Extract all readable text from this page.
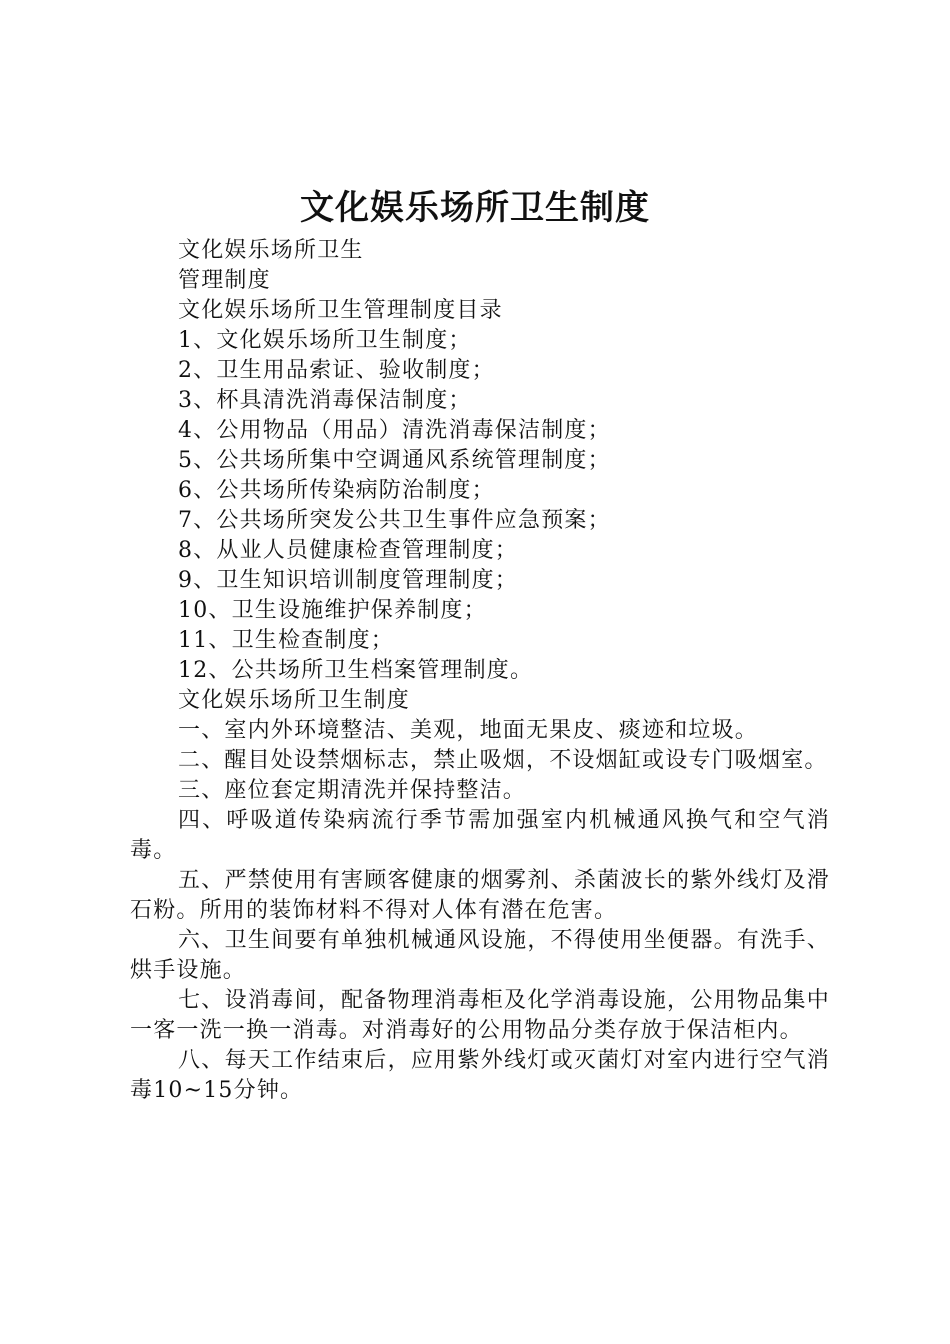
文化娱乐场所卫生制度
文化娱乐场所卫生
管理制度
文化娱乐场所卫生管理制度目录
1、文化娱乐场所卫生制度；
2、卫生用品索证、验收制度；
3、杯具清洗消毒保洁制度；
4、公用物品（用品）清洗消毒保洁制度；
5、公共场所集中空调通风系统管理制度；
6、公共场所传染病防治制度；
7、公共场所突发公共卫生事件应急预案；
8、从业人员健康检查管理制度；
9、卫生知识培训制度管理制度；
10、卫生设施维护保养制度；
11、卫生检查制度；
12、公共场所卫生档案管理制度。
文化娱乐场所卫生制度
一、室内外环境整洁、美观，地面无果皮、痰迹和垃圾。

二、醒目处设禁烟标志，禁止吸烟，不设烟缸或设专门吸烟室。

三、座位套定期清洗并保持整洁。

四、呼吸道传染病流行季节需加强室内机械通风换气和空气消毒。

五、严禁使用有害顾客健康的烟雾剂、杀菌波长的紫外线灯及滑石粉。所用的装饰材料不得对人体有潜在危害。

六、卫生间要有单独机械通风设施，不得使用坐便器。有洗手、烘手设施。

七、设消毒间，配备物理消毒柜及化学消毒设施，公用物品集中一客一洗一换一消毒。对消毒好的公用物品分类存放于保洁柜内。

八、每天工作结束后，应用紫外线灯或灭菌灯对室内进行空气消毒10~15分钟。
